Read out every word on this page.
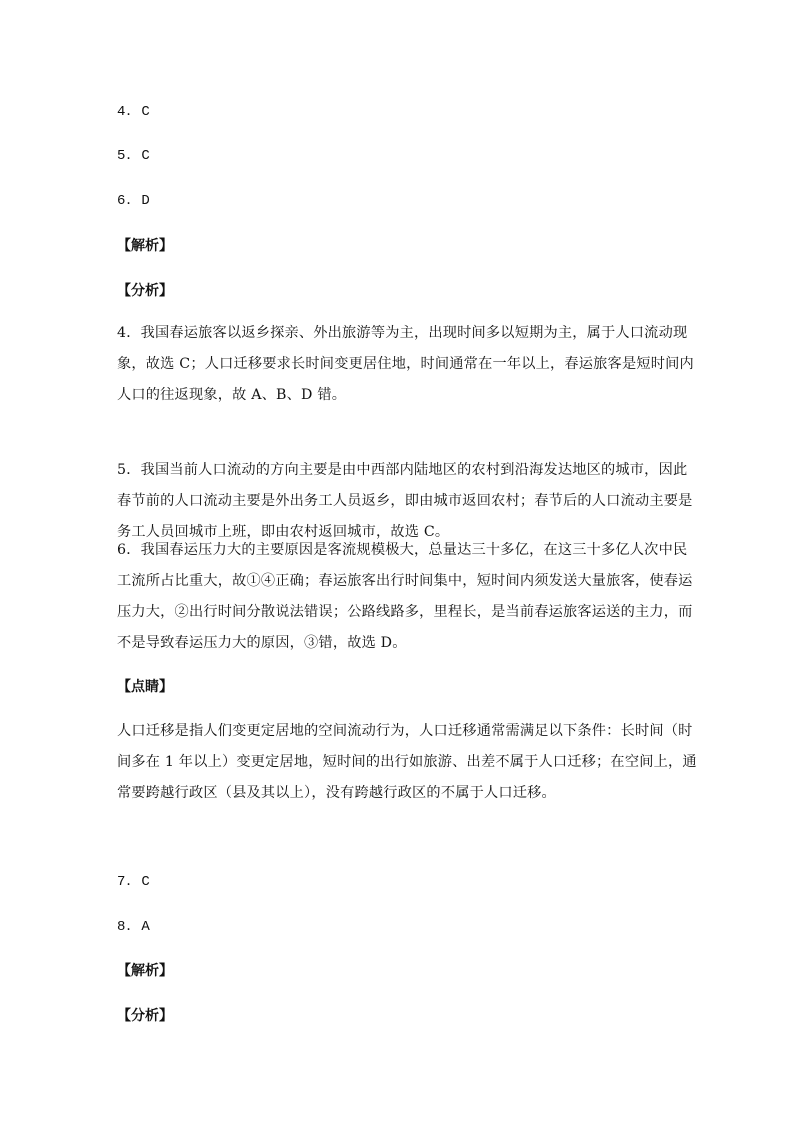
4．C
5．C
6．D
【解析】
【分析】
4．我国春运旅客以返乡探亲、外出旅游等为主，出现时间多以短期为主，属于人口流动现
象，故选 C；人口迁移要求长时间变更居住地，时间通常在一年以上，春运旅客是短时间内
人口的往返现象，故 A、B、D 错。
5．我国当前人口流动的方向主要是由中西部内陆地区的农村到沿海发达地区的城市，因此
春节前的人口流动主要是外出务工人员返乡，即由城市返回农村；春节后的人口流动主要是
务工人员回城市上班，即由农村返回城市，故选 C。
6．我国春运压力大的主要原因是客流规模极大，总量达三十多亿，在这三十多亿人次中民
工流所占比重大，故①④正确；春运旅客出行时间集中，短时间内须发送大量旅客，使春运
压力大，②出行时间分散说法错误；公路线路多，里程长，是当前春运旅客运送的主力，而
不是导致春运压力大的原因，③错，故选 D。
【点睛】
人口迁移是指人们变更定居地的空间流动行为，人口迁移通常需满足以下条件：长时间（时
间多在 1 年以上）变更定居地，短时间的出行如旅游、出差不属于人口迁移；在空间上，通
常要跨越行政区（县及其以上），没有跨越行政区的不属于人口迁移。
7．C
8．A
【解析】
【分析】
